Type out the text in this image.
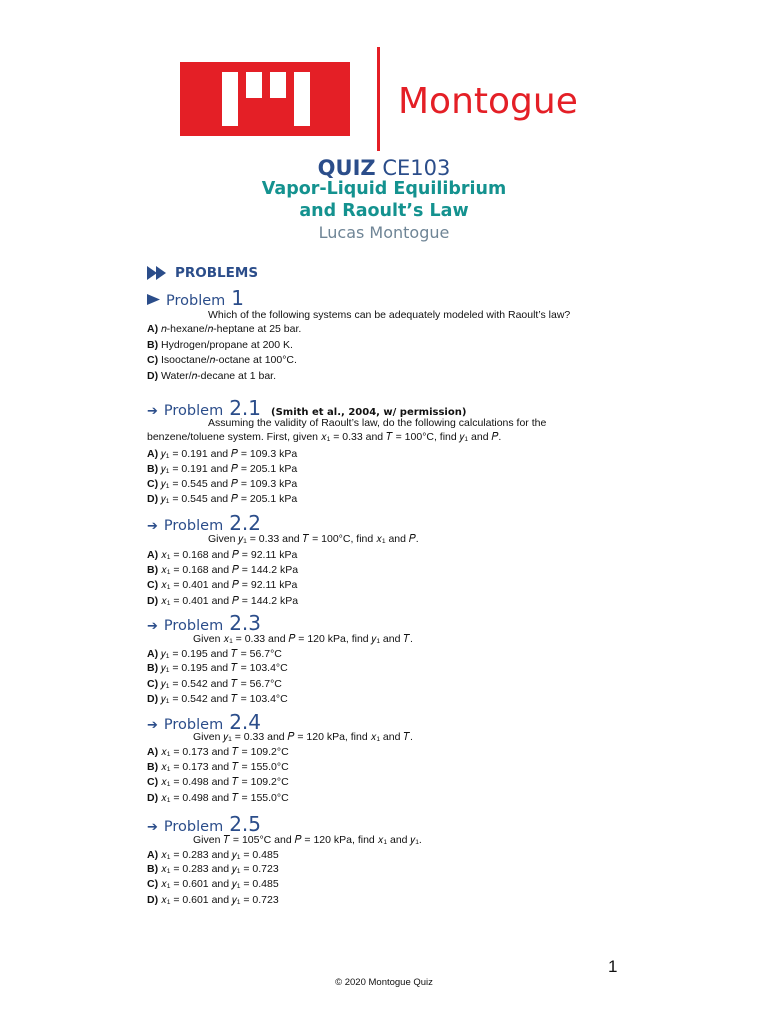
Montogue
QUIZ CE103
Vapor-Liquid Equilibrium
and Raoult’s Law
Lucas Montogue
PROBLEMS
Problem 1
Which of the following systems can be adequately modeled with Raoult’s law?
A) 𝑛-hexane/𝑛-heptane at 25 bar.
B) Hydrogen/propane at 200 K.
C) Isooctane/𝑛-octane at 100°C.
D) Water/𝑛-decane at 1 bar.
➔ Problem 2.1 (Smith et al., 2004, w/ permission)
Assuming the validity of Raoult’s law, do the following calculations for the benzene/toluene system. First, given 𝑥₁ = 0.33 and 𝑇 = 100°C, find 𝑦₁ and 𝑃.
A) 𝑦₁ = 0.191 and 𝑃 = 109.3 kPa
B) 𝑦₁ = 0.191 and 𝑃 = 205.1 kPa
C) 𝑦₁ = 0.545 and 𝑃 = 109.3 kPa
D) 𝑦₁ = 0.545 and 𝑃 = 205.1 kPa
➔ Problem 2.2
Given 𝑦₁ = 0.33 and 𝑇 = 100°C, find 𝑥₁ and 𝑃.
A) 𝑥₁ = 0.168 and 𝑃 = 92.11 kPa
B) 𝑥₁ = 0.168 and 𝑃 = 144.2 kPa
C) 𝑥₁ = 0.401 and 𝑃 = 92.11 kPa
D) 𝑥₁ = 0.401 and 𝑃 = 144.2 kPa
➔ Problem 2.3
Given 𝑥₁ = 0.33 and 𝑃 = 120 kPa, find 𝑦₁ and 𝑇.
A) 𝑦₁ = 0.195 and 𝑇 = 56.7°C
B) 𝑦₁ = 0.195 and 𝑇 = 103.4°C
C) 𝑦₁ = 0.542 and 𝑇 = 56.7°C
D) 𝑦₁ = 0.542 and 𝑇 = 103.4°C
➔ Problem 2.4
Given 𝑦₁ = 0.33 and 𝑃 = 120 kPa, find 𝑥₁ and 𝑇.
A) 𝑥₁ = 0.173 and 𝑇 = 109.2°C
B) 𝑥₁ = 0.173 and 𝑇 = 155.0°C
C) 𝑥₁ = 0.498 and 𝑇 = 109.2°C
D) 𝑥₁ = 0.498 and 𝑇 = 155.0°C
➔ Problem 2.5
Given 𝑇 = 105°C and 𝑃 = 120 kPa, find 𝑥₁ and 𝑦₁.
A) 𝑥₁ = 0.283 and 𝑦₁ = 0.485
B) 𝑥₁ = 0.283 and 𝑦₁ = 0.723
C) 𝑥₁ = 0.601 and 𝑦₁ = 0.485
D) 𝑥₁ = 0.601 and 𝑦₁ = 0.723
1
© 2020 Montogue Quiz
